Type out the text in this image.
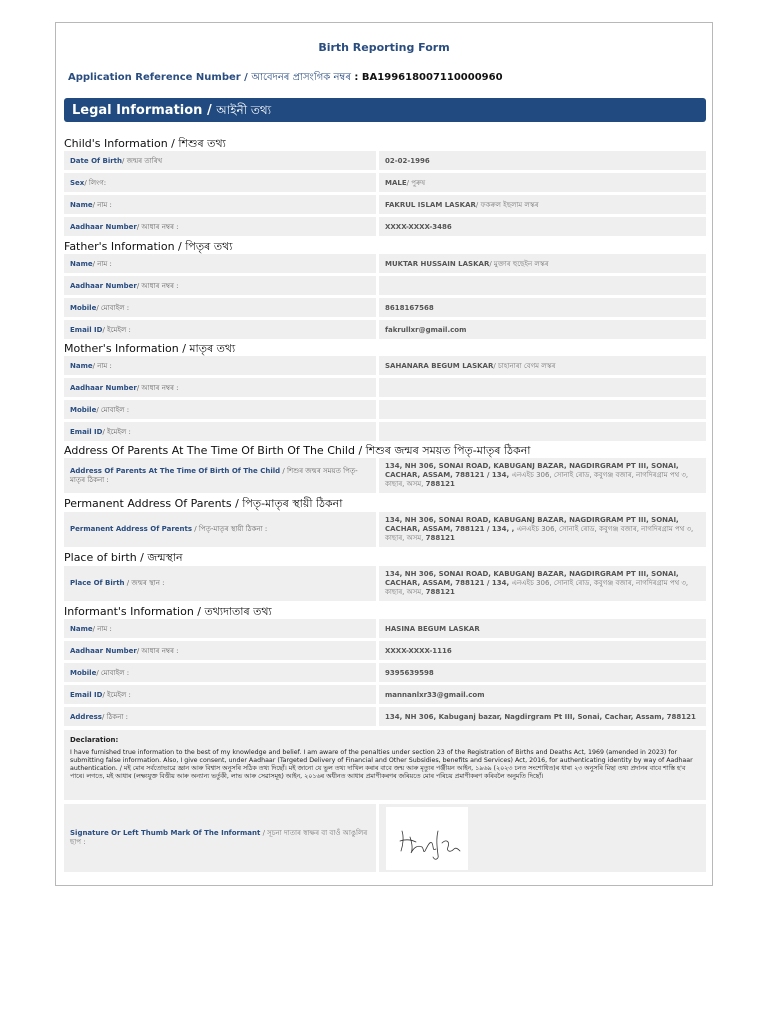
Birth Reporting Form
Application Reference Number / আবেদনৰ প্ৰাসংগিক নম্বৰ : BA199618007110000960
Legal Information / আইনী তথ্য
Child's Information / শিশুৰ তথ্য
Date Of Birth / জন্মৰ তাৰিখ	02-02-1996
Sex / লিংগ:	MALE / পুৰুষ
Name / নাম :	FAKRUL ISLAM LASKAR / ফকৰুল ইছলাম লস্কৰ
Aadhaar Number / আধাৰ নম্বৰ :	XXXX-XXXX-3486
Father's Information / পিতৃৰ তথ্য
Name / নাম :	MUKTAR HUSSAIN LASKAR / মুক্তাৰ হুছেইন লস্কৰ
Aadhaar Number / আধাৰ নম্বৰ :
Mobile / মোবাইল :	8618167568
Email ID / ইমেইল :	fakrullxr@gmail.com
Mother's Information / মাতৃৰ তথ্য
Name / নাম :	SAHANARA BEGUM LASKAR / চাহানাৰা বেগম লস্কৰ
Aadhaar Number / আধাৰ নম্বৰ :
Mobile / মোবাইল :
Email ID / ইমেইল :
Address Of Parents At The Time Of Birth Of The Child / শিশুৰ জন্মৰ সময়ত পিতৃ-মাতৃৰ ঠিকনা
Address Of Parents At The Time Of Birth Of The Child / শিশুৰ জন্মৰ সময়ত পিতৃ-মাতৃৰ ঠিকনা :
134, NH 306, SONAI ROAD, KABUGANJ BAZAR, NAGDIRGRAM PT III, SONAI, CACHAR, ASSAM, 788121 / 134, এনএইচ 306, সোনাই ৰোড, কবুগঞ্জ বজাৰ, নাগদিৰগ্ৰাম পথ ৩, কাছাৰ, অসম, 788121
Permanent Address Of Parents / পিতৃ-মাতৃৰ স্থায়ী ঠিকনা
Permanent Address Of Parents / পিতৃ-মাতৃৰ স্থায়ী ঠিকনা :
134, NH 306, SONAI ROAD, KABUGANJ BAZAR, NAGDIRGRAM PT III, SONAI, CACHAR, ASSAM, 788121 / 134, , এনএইচ 306, সোনাই ৰোড, কবুগঞ্জ বজাৰ, নাগদিৰগ্ৰাম পথ ৩, কাছাৰ, অসম, 788121
Place of birth / জন্মস্থান
Place Of Birth / জন্মৰ স্থান :
134, NH 306, SONAI ROAD, KABUGANJ BAZAR, NAGDIRGRAM PT III, SONAI, CACHAR, ASSAM, 788121 / 134, এনএইচ 306, সোনাই ৰোড, কবুগঞ্জ বজাৰ, নাগদিৰগ্ৰাম পথ ৩, কাছাৰ, অসম, 788121
Informant's Information / তথ্যদাতাৰ তথ্য
Name / নাম :	HASINA BEGUM LASKAR
Aadhaar Number / আধাৰ নম্বৰ :	XXXX-XXXX-1116
Mobile / মোবাইল :	9395639598
Email ID / ইমেইল :	mannanlxr33@gmail.com
Address / ঠিকনা :	134, NH 306, Kabuganj bazar, Nagdirgram Pt III, Sonai, Cachar, Assam, 788121
Declaration:
I have furnished true information to the best of my knowledge and belief. I am aware of the penalties under section 23 of the Registration of Births and Deaths Act, 1969 (amended in 2023) for submitting false information. Also, I give consent, under Aadhaar (Targeted Delivery of Financial and Other Subsidies, benefits and Services) Act, 2016, for authenticating identity by way of Aadhaar authentication. / মই মোৰ সৰ্বতোভাৱে জ্ঞান আৰু বিশ্বাস অনুসৰি সঠিক তথ্য দিছোঁ। মই জানো যে ভুল তথ্য দাখিল কৰাৰ বাবে জন্ম আৰু মৃত্যুৰ পঞ্জীয়ন আইন, ১৯৬৯ (২০২৩ চনত সংশোধিত)ৰ ধাৰা ২৩ অনুসৰি মিছা তথ্য প্ৰদানৰ বাবে শাস্তি হ'ব পাৰে। লগতে, মই আধাৰ (লক্ষ্যযুক্ত বিত্তীয় আৰু অন্যান্য ভৰ্তুকী, লাভ আৰু সেৱাসমূহ) আইন, ২০১৬ৰ অধীনত আধাৰ প্ৰমাণীকৰণৰ জৰিয়তে মোৰ পৰিচয় প্ৰমাণীকৰণ কৰিবলৈ অনুমতি দিছোঁ।
Signature Or Left Thumb Mark Of The Informant / সূচনা দাতাৰ স্বাক্ষৰ বা বাওঁ আঙুলিৰ ছাপ :
